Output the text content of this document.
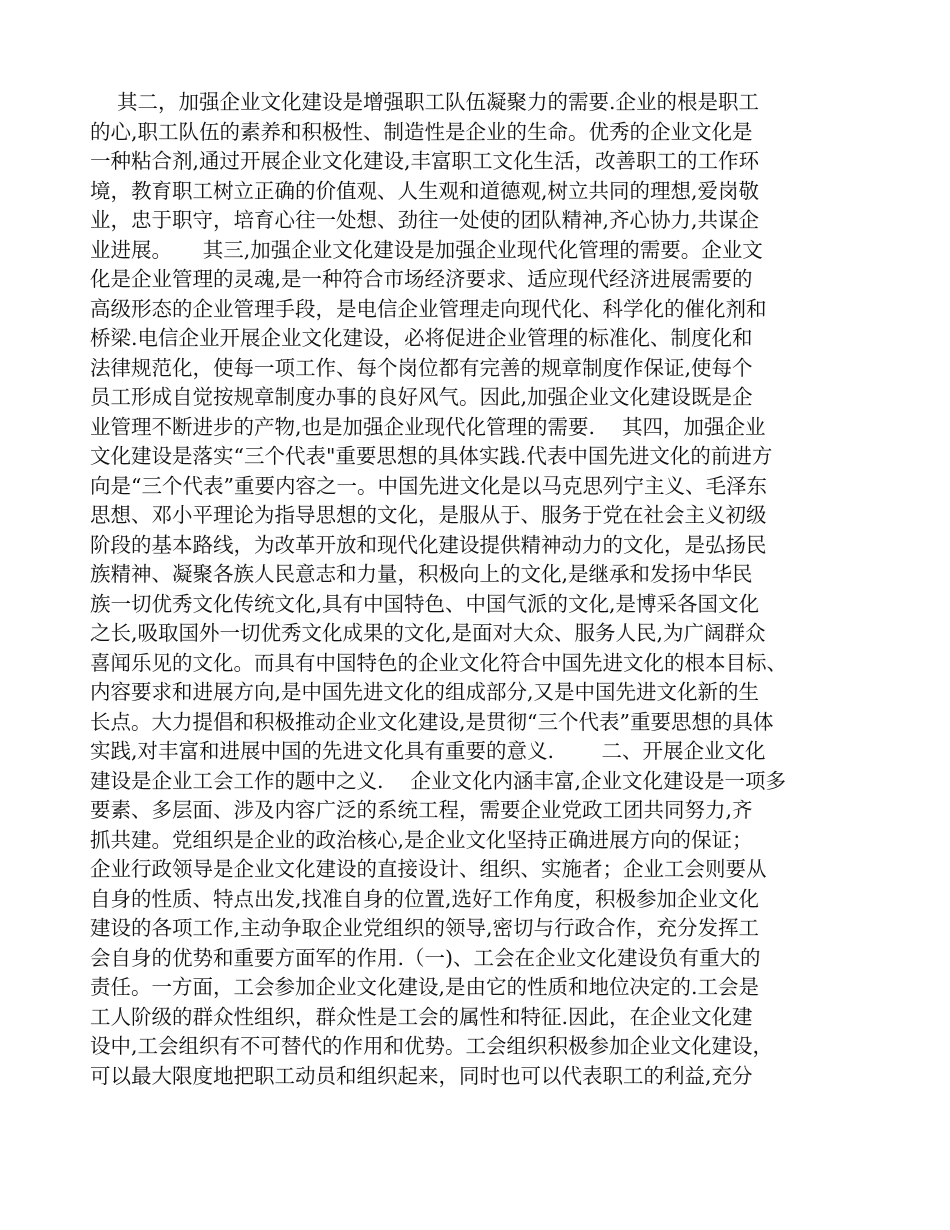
　 其二，加强企业文化建设是增强职工队伍凝聚力的需要.企业的根是职工
的心,职工队伍的素养和积极性、制造性是企业的生命。优秀的企业文化是
一种粘合剂,通过开展企业文化建设,丰富职工文化生活，改善职工的工作环
境，教育职工树立正确的价值观、人生观和道德观,树立共同的理想,爱岗敬
业，忠于职守，培育心往一处想、劲往一处使的团队精神,齐心协力,共谋企
业进展。　　其三,加强企业文化建设是加强企业现代化管理的需要。企业文
化是企业管理的灵魂,是一种符合市场经济要求、适应现代经济进展需要的
高级形态的企业管理手段，是电信企业管理走向现代化、科学化的催化剂和
桥梁.电信企业开展企业文化建设，必将促进企业管理的标准化、制度化和
法律规范化，使每一项工作、每个岗位都有完善的规章制度作保证,使每个
员工形成自觉按规章制度办事的良好风气。因此,加强企业文化建设既是企
业管理不断进步的产物,也是加强企业现代化管理的需要.　 其四，加强企业
文化建设是落实“三个代表"重要思想的具体实践.代表中国先进文化的前进方
向是“三个代表”重要内容之一。中国先进文化是以马克思列宁主义、毛泽东
思想、邓小平理论为指导思想的文化，是服从于、服务于党在社会主义初级
阶段的基本路线，为改革开放和现代化建设提供精神动力的文化，是弘扬民
族精神、凝聚各族人民意志和力量，积极向上的文化,是继承和发扬中华民
族一切优秀文化传统文化,具有中国特色、中国气派的文化,是博采各国文化
之长,吸取国外一切优秀文化成果的文化,是面对大众、服务人民,为广阔群众
喜闻乐见的文化。而具有中国特色的企业文化符合中国先进文化的根本目标、
内容要求和进展方向,是中国先进文化的组成部分,又是中国先进文化新的生
长点。大力提倡和积极推动企业文化建设,是贯彻“三个代表”重要思想的具体
实践,对丰富和进展中国的先进文化具有重要的意义.　　 二、开展企业文化
建设是企业工会工作的题中之义.　 企业文化内涵丰富,企业文化建设是一项多
要素、多层面、涉及内容广泛的系统工程，需要企业党政工团共同努力,齐
抓共建。党组织是企业的政治核心,是企业文化坚持正确进展方向的保证；
企业行政领导是企业文化建设的直接设计、组织、实施者；企业工会则要从
自身的性质、特点出发,找准自身的位置,选好工作角度，积极参加企业文化
建设的各项工作,主动争取企业党组织的领导,密切与行政合作，充分发挥工
会自身的优势和重要方面军的作用.（一)、工会在企业文化建设负有重大的
责任。一方面，工会参加企业文化建设,是由它的性质和地位决定的.工会是
工人阶级的群众性组织，群众性是工会的属性和特征.因此，在企业文化建
设中,工会组织有不可替代的作用和优势。工会组织积极参加企业文化建设，
可以最大限度地把职工动员和组织起来，同时也可以代表职工的利益,充分
